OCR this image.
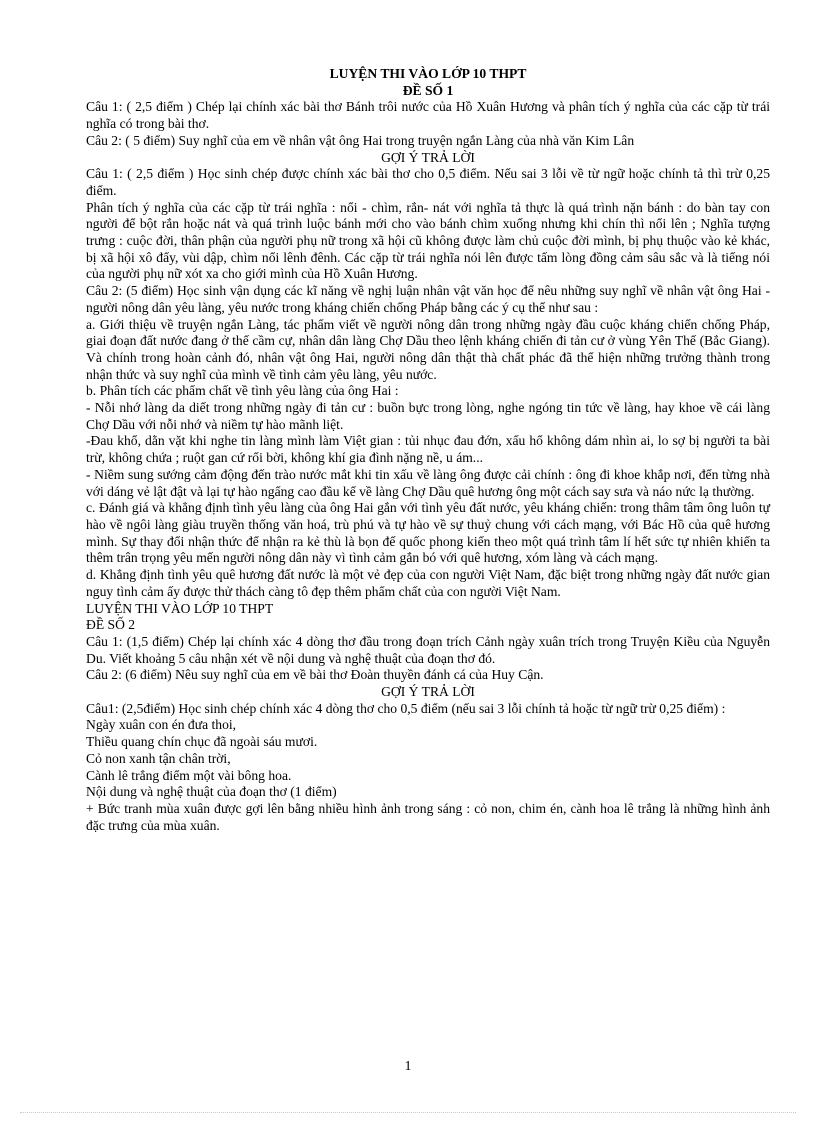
LUYỆN THI VÀO LỚP 10 THPT

ĐỀ SỐ 1

Câu 1: ( 2,5 điểm ) Chép lại chính xác bài thơ Bánh trôi nước của Hồ Xuân Hương và phân tích ý nghĩa của các cặp từ trái nghĩa có trong bài thơ.

Câu 2: ( 5 điểm) Suy nghĩ của em về nhân vật ông Hai trong truyện ngắn Làng của nhà văn Kim Lân

GỢI Ý TRẢ LỜI

Câu 1: ( 2,5 điểm ) Học sinh chép được chính xác bài thơ cho 0,5 điểm. Nếu sai 3 lỗi về từ ngữ hoặc chính tả thì trừ 0,25 điểm.

Phân tích ý nghĩa của các cặp từ trái nghĩa : nổi - chìm, rắn- nát với nghĩa tả thực là quá trình nặn bánh : do bàn tay con người để bột rắn hoặc nát và quá trình luộc bánh mới cho vào bánh chìm xuống nhưng khi chín thì nổi lên ; Nghĩa tượng trưng : cuộc đời, thân phận của người phụ nữ trong xã hội cũ không được làm chủ cuộc đời mình, bị phụ thuộc vào kẻ khác, bị xã hội xô đẩy, vùi dập, chìm nổi lênh đênh. Các cặp từ trái nghĩa nói lên được tấm lòng đồng cảm sâu sắc và là tiếng nói của người phụ nữ xót xa cho giới mình của Hồ Xuân Hương.

Câu 2: (5 điểm) Học sinh vận dụng các kĩ năng về nghị luận nhân vật văn học để nêu những suy nghĩ về nhân vật ông Hai - người nông dân yêu làng, yêu nước trong kháng chiến chống Pháp bằng các ý cụ thể như sau :

a. Giới thiệu về truyện ngắn Làng, tác phẩm viết về người nông dân trong những ngày đầu cuộc kháng chiến chống Pháp, giai đoạn đất nước đang ở thế cầm cự, nhân dân làng Chợ Dầu theo lệnh kháng chiến đi tản cư ở vùng Yên Thế (Bắc Giang). Và chính trong hoàn cảnh đó, nhân vật ông Hai, người nông dân thật thà chất phác đã thể hiện những trưởng thành trong nhận thức và suy nghĩ của mình về tình cảm yêu làng, yêu nước.

b. Phân tích các phẩm chất về tình yêu làng của ông Hai :

- Nỗi nhớ làng da diết trong những ngày đi tản cư : buồn bực trong lòng, nghe ngóng tin tức về làng, hay khoe về cái làng Chợ Dầu với nỗi nhớ và niềm tự hào mãnh liệt.

-Đau khổ, dằn vặt khi nghe tin làng mình làm Việt gian : tủi nhục đau đớn, xấu hổ không dám nhìn ai, lo sợ bị người ta bài trừ, không chứa ; ruột gan cứ rối bời, không khí gia đình nặng nề, u ám...

- Niềm sung sướng cảm động đến trào nước mắt khi tin xấu về làng ông được cải chính : ông đi khoe khắp nơi, đến từng nhà với dáng vẻ lật đật và lại tự hào ngẩng cao đầu kể về làng Chợ Dầu quê hương ông một cách say sưa và náo nức lạ thường.

c. Đánh giá và khẳng định tình yêu làng của ông Hai gắn với tình yêu đất nước, yêu kháng chiến: trong thâm tâm ông luôn tự hào về ngôi làng giàu truyền thống văn hoá, trù phú và tự hào về sự thuỷ chung với cách mạng, với Bác Hồ của quê hương mình. Sự thay đổi nhận thức để nhận ra kẻ thù là bọn đế quốc phong kiến theo một quá trình tâm lí hết sức tự nhiên khiến ta thêm trân trọng yêu mến người nông dân này vì tình cảm gắn bó với quê hương, xóm làng và cách mạng.

d. Khẳng định tình yêu quê hương đất nước là một vẻ đẹp của con người Việt Nam, đặc biệt trong những ngày đất nước gian nguy tình cảm ấy được thử thách càng tô đẹp thêm phẩm chất của con người Việt Nam.

LUYỆN THI VÀO LỚP 10 THPT

ĐỀ SỐ 2

Câu 1: (1,5 điểm) Chép lại chính xác 4 dòng thơ đầu trong đoạn trích Cảnh ngày xuân trích trong Truyện Kiều của Nguyễn Du. Viết khoảng 5 câu nhận xét về nội dung và nghệ thuật của đoạn thơ đó.

Câu 2: (6 điểm) Nêu suy nghĩ của em về bài thơ Đoàn thuyền đánh cá của Huy Cận.

GỢI Ý TRẢ LỜI

Câu1: (2,5điểm) Học sinh chép chính xác 4 dòng thơ cho 0,5 điểm (nếu sai 3 lỗi chính tả hoặc từ ngữ trừ 0,25 điểm) :

Ngày xuân con én đưa thoi,

Thiều quang chín chục đã ngoài sáu mươi.

Cỏ non xanh tận chân trời,

Cành lê trắng điểm một vài bông hoa.

Nội dung và nghệ thuật của đoạn thơ (1 điểm)

+ Bức tranh mùa xuân được gợi lên bằng nhiều hình ảnh trong sáng : cỏ non, chim én, cành hoa lê trắng là những hình ảnh đặc trưng của mùa xuân.

1
